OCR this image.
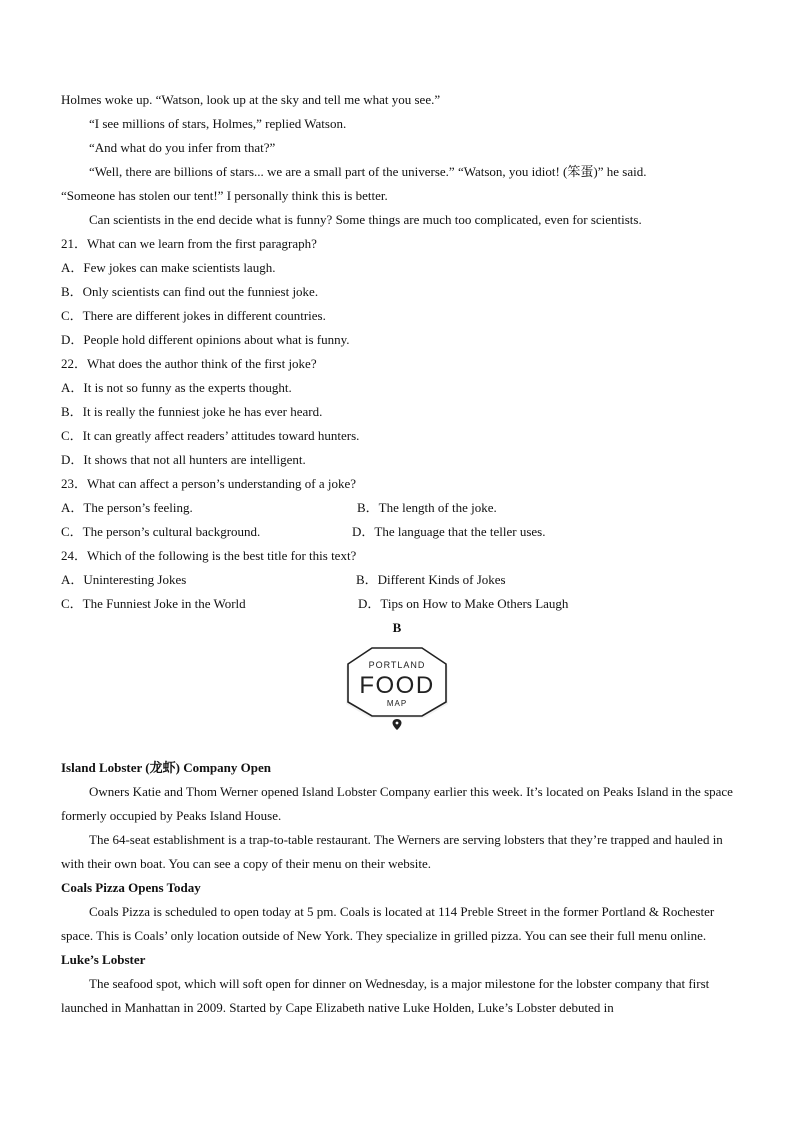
Holmes woke up. “Watson, look up at the sky and tell me what you see.”
“I see millions of stars, Holmes,” replied Watson.
“And what do you infer from that?”
“Well, there are billions of stars... we are a small part of the universe.” “Watson, you idiot! (笨蛋)” he said.
“Someone has stolen our tent!” I personally think this is better.
Can scientists in the end decide what is funny? Some things are much too complicated, even for scientists.
21．What can we learn from the first paragraph?
A．Few jokes can make scientists laugh.
B．Only scientists can find out the funniest joke.
C．There are different jokes in different countries.
D．People hold different opinions about what is funny.
22．What does the author think of the first joke?
A．It is not so funny as the experts thought.
B．It is really the funniest joke he has ever heard.
C．It can greatly affect readers’ attitudes toward hunters.
D．It shows that not all hunters are intelligent.
23．What can affect a person’s understanding of a joke?
A．The person’s feeling.	B．The length of the joke.
C．The person’s cultural background.	D．The language that the teller uses.
24．Which of the following is the best title for this text?
A．Uninteresting Jokes	B．Different Kinds of Jokes
C．The Funniest Joke in the World	D．Tips on How to Make Others Laugh
B
PORTLAND
FOOD
MAP
Island Lobster (龙虾) Company Open
Owners Katie and Thom Werner opened Island Lobster Company earlier this week. It’s located on Peaks Island in the space formerly occupied by Peaks Island House.
The 64-seat establishment is a trap-to-table restaurant. The Werners are serving lobsters that they’re trapped and hauled in with their own boat. You can see a copy of their menu on their website.
Coals Pizza Opens Today
Coals Pizza is scheduled to open today at 5 pm. Coals is located at 114 Preble Street in the former Portland & Rochester space. This is Coals’ only location outside of New York. They specialize in grilled pizza. You can see their full menu online.
Luke’s Lobster
The seafood spot, which will soft open for dinner on Wednesday, is a major milestone for the lobster company that first launched in Manhattan in 2009. Started by Cape Elizabeth native Luke Holden, Luke’s Lobster debuted in
